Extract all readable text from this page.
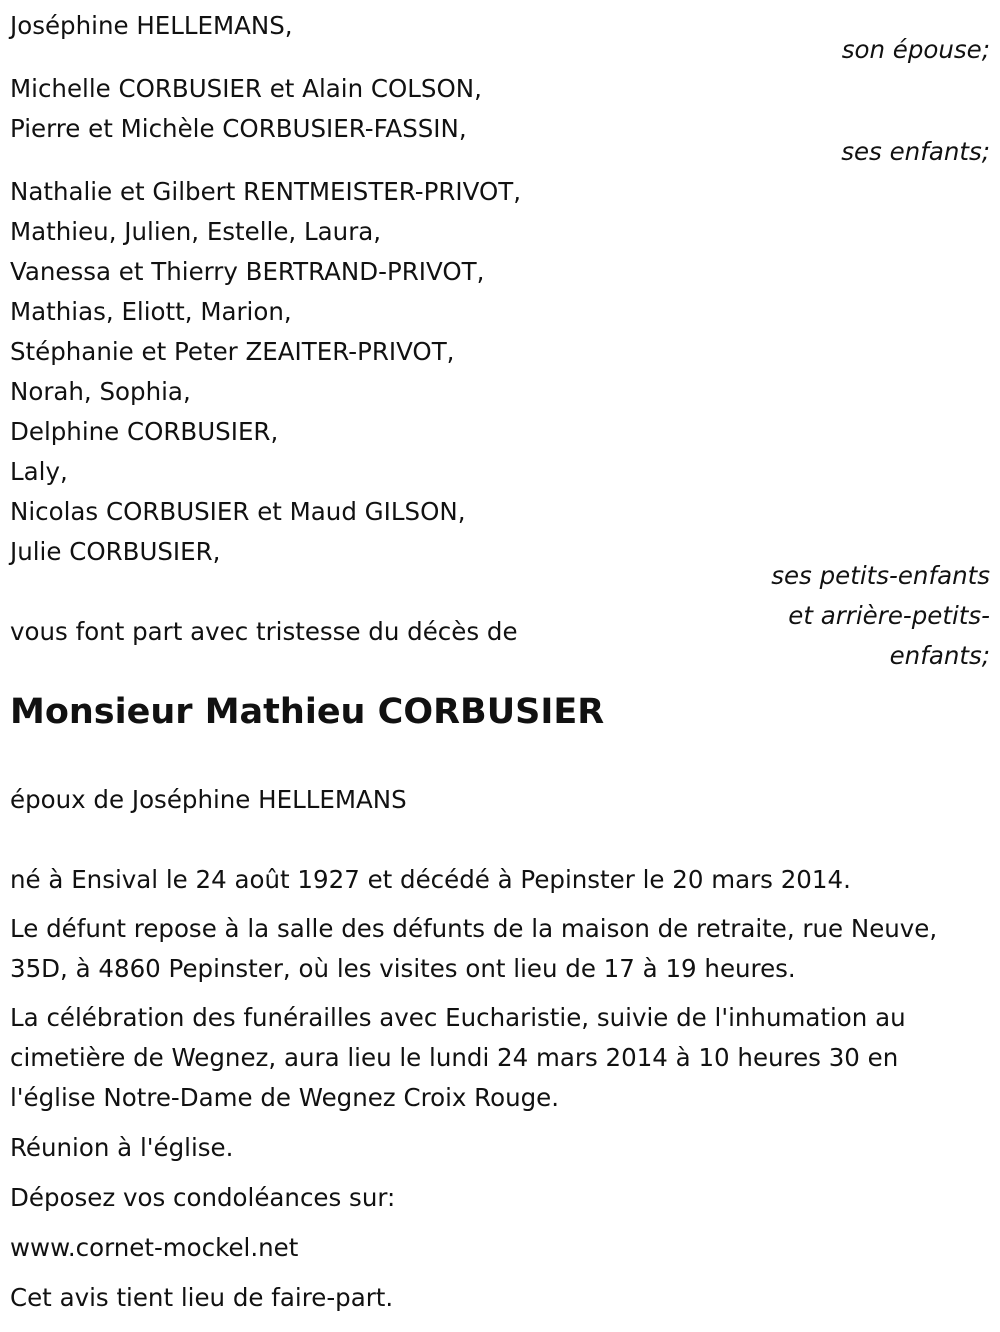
Joséphine HELLEMANS,
son épouse;
Michelle CORBUSIER et Alain COLSON,
Pierre et Michèle CORBUSIER-FASSIN,
ses enfants;
Nathalie et Gilbert RENTMEISTER-PRIVOT,
Mathieu, Julien, Estelle, Laura,
Vanessa et Thierry BERTRAND-PRIVOT,
Mathias, Eliott, Marion,
Stéphanie et Peter ZEAITER-PRIVOT,
Norah, Sophia,
Delphine CORBUSIER,
Laly,
Nicolas CORBUSIER et Maud GILSON,
Julie CORBUSIER,
ses petits-enfants
et arrière-petits-
enfants;
vous font part avec tristesse du décès de
Monsieur Mathieu CORBUSIER
époux de Joséphine HELLEMANS
né à Ensival le 24 août 1927 et décédé à Pepinster le 20 mars 2014.
Le défunt repose à la salle des défunts de la maison de retraite, rue Neuve, 35D, à 4860 Pepinster, où les visites ont lieu de 17 à 19 heures.
La célébration des funérailles avec Eucharistie, suivie de l'inhumation au cimetière de Wegnez, aura lieu le lundi 24 mars 2014 à 10 heures 30 en l'église Notre-Dame de Wegnez Croix Rouge.
Réunion à l'église.
Déposez vos condoléances sur:
www.cornet-mockel.net
Cet avis tient lieu de faire-part.
